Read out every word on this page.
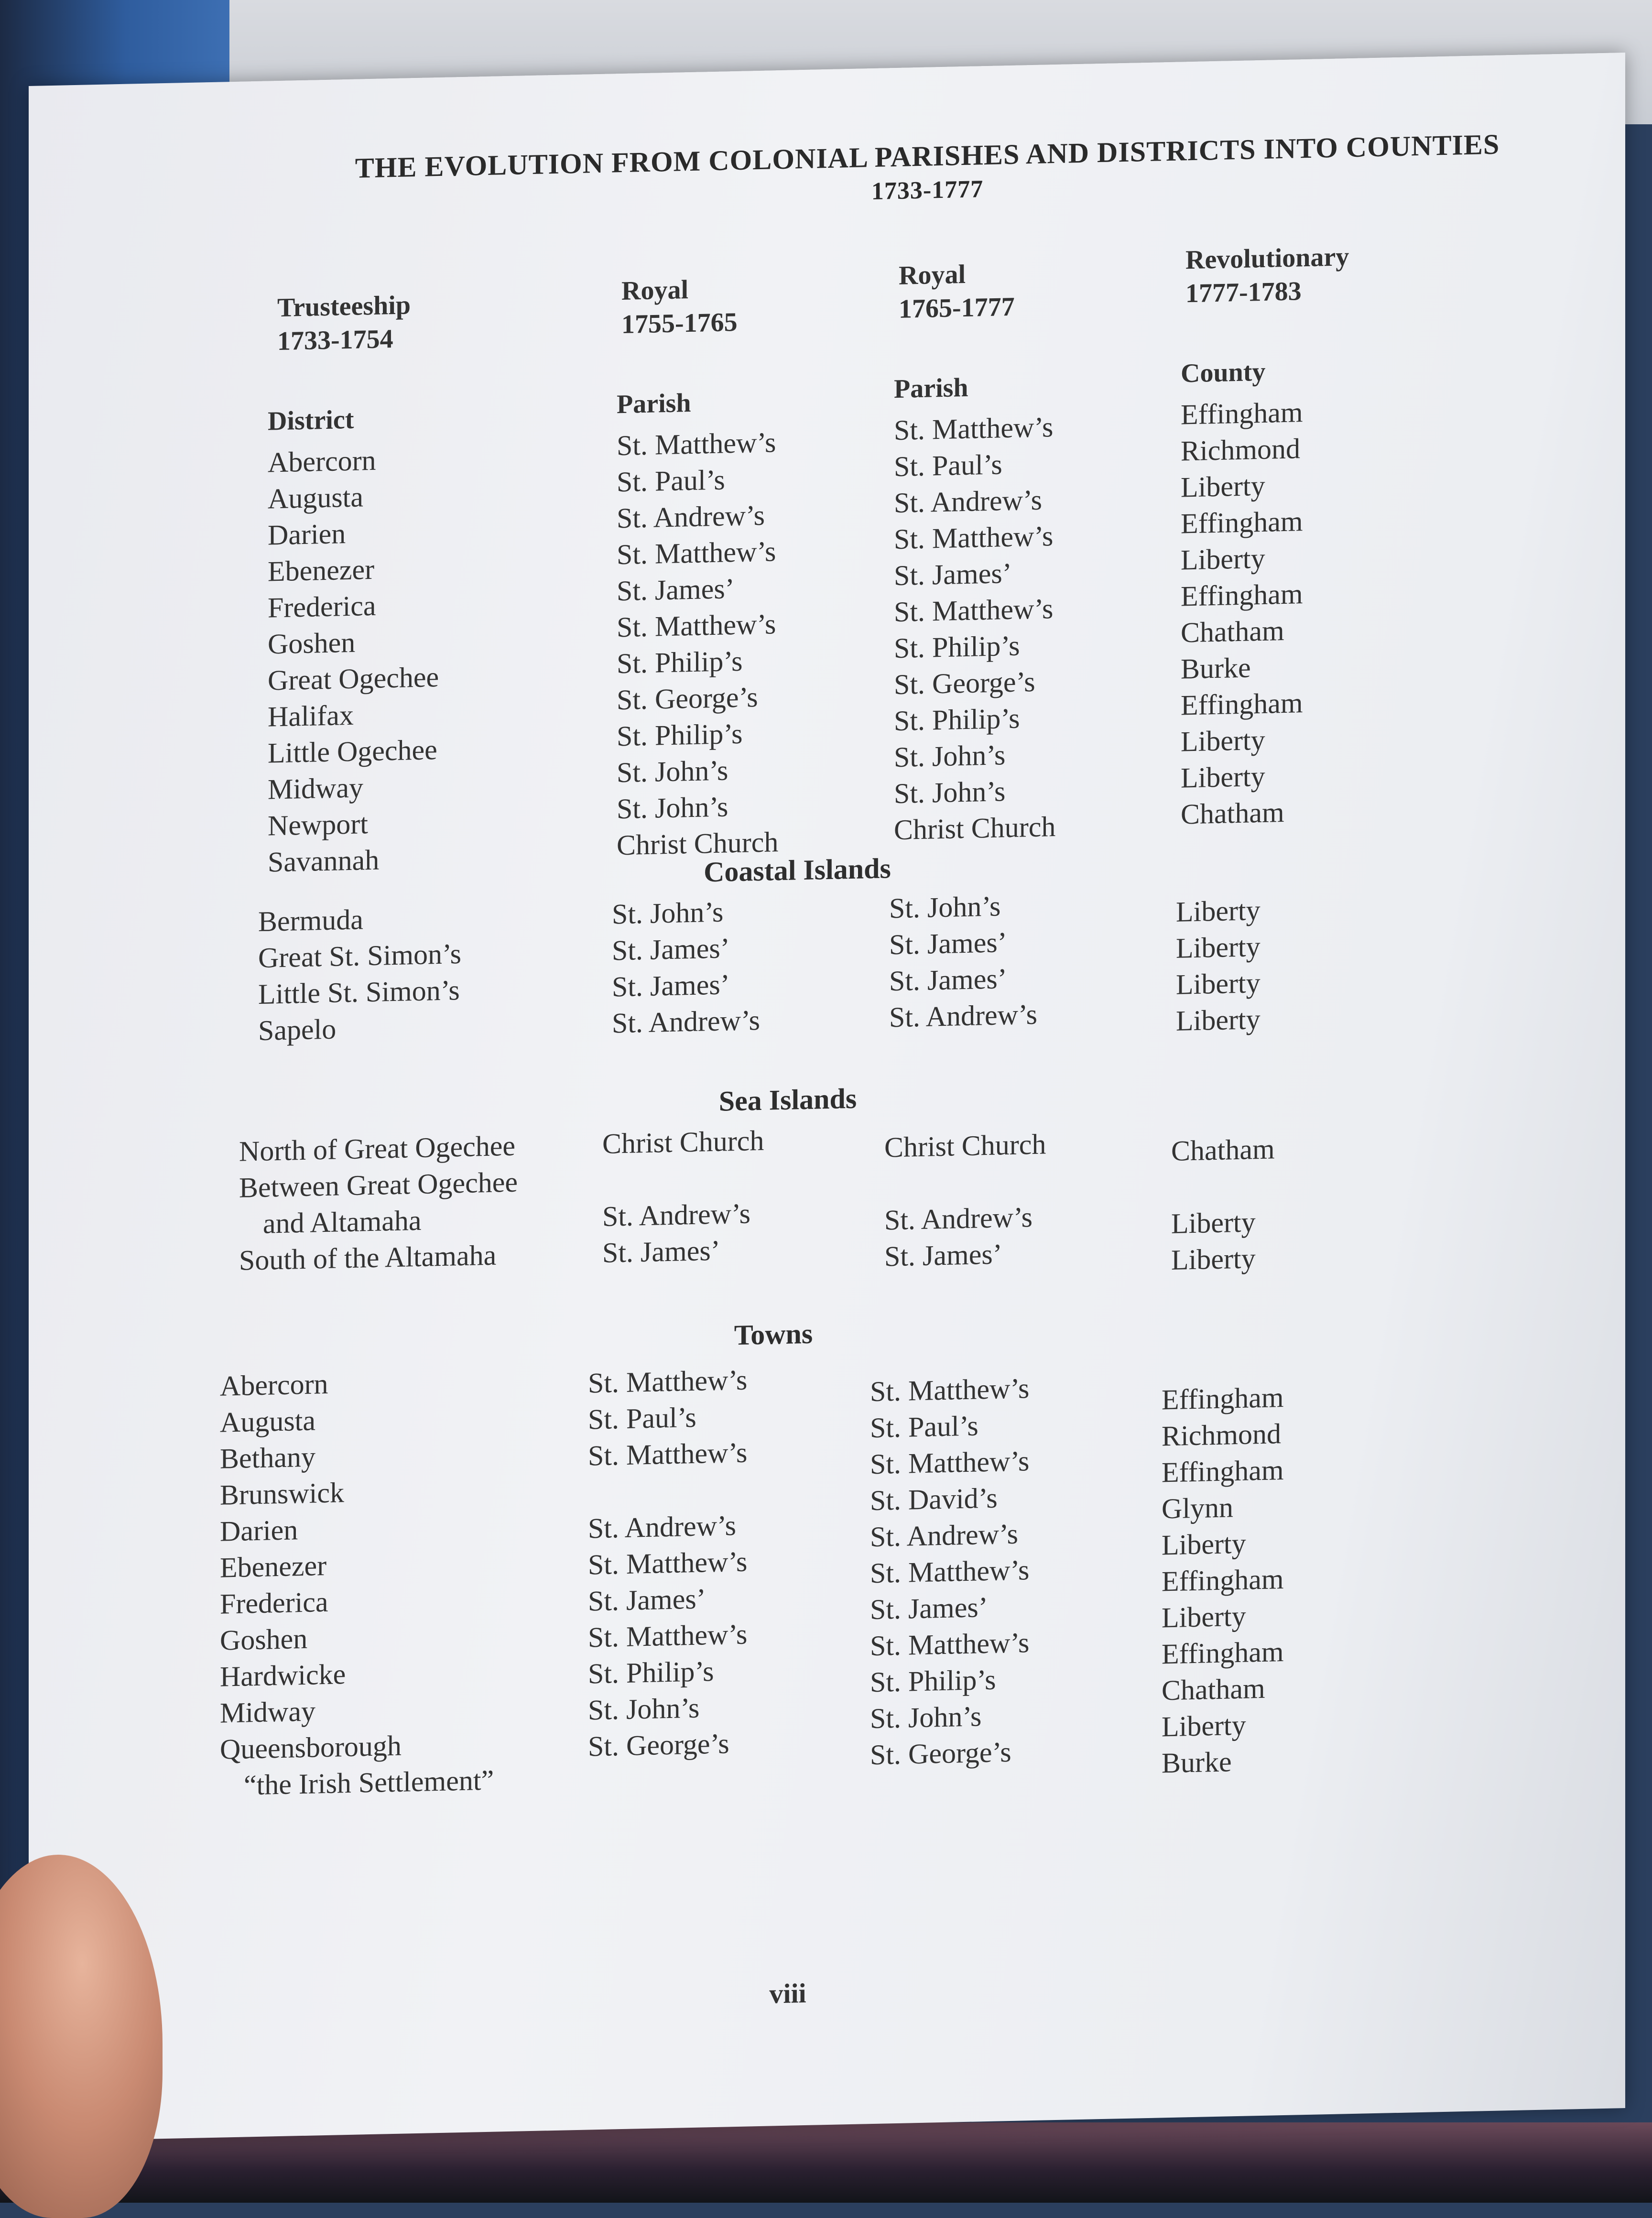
THE EVOLUTION FROM COLONIAL PARISHES AND DISTRICTS INTO COUNTIES
1733-1777
Trusteeship
1733-1754
Royal
1755-1765
Royal
1765-1777
Revolutionary
1777-1783
District
Parish	Parish	County
Abercorn
Augusta
Darien
Ebenezer
Frederica
Goshen
Great Ogechee
Halifax
Little Ogechee
Midway
Newport
Savannah
St. Matthew’s
St. Paul’s
St. Andrew’s
St. Matthew’s
St. James’
St. Matthew’s
St. Philip’s
St. George’s
St. Philip’s
St. John’s
St. John’s
Christ Church
St. Matthew’s
St. Paul’s
St. Andrew’s
St. Matthew’s
St. James’
St. Matthew’s
St. Philip’s
St. George’s
St. Philip’s
St. John’s
St. John’s
Christ Church
Effingham
Richmond
Liberty
Effingham
Liberty
Effingham
Chatham
Burke
Effingham
Liberty
Liberty
Chatham
Coastal Islands
Bermuda
Great St. Simon’s
Little St. Simon’s
Sapelo
St. John’s
St. James’
St. James’
St. Andrew’s
St. John’s
St. James’
St. James’
St. Andrew’s
Liberty
Liberty
Liberty
Liberty
Sea Islands
North of Great Ogechee
Between Great Ogechee
and Altamaha
South of the Altamaha
Christ Church
St. Andrew’s
St. James’
Christ Church
St. Andrew’s
St. James’
Chatham
Liberty
Liberty
Towns
Abercorn
Augusta
Bethany
Brunswick
Darien
Ebenezer
Frederica
Goshen
Hardwicke
Midway
Queensborough
“the Irish Settlement”
St. Matthew’s
St. Paul’s
St. Matthew’s
St. Andrew’s
St. Matthew’s
St. James’
St. Matthew’s
St. Philip’s
St. John’s
St. George’s
St. Matthew’s
St. Paul’s
St. Matthew’s
St. David’s
St. Andrew’s
St. Matthew’s
St. James’
St. Matthew’s
St. Philip’s
St. John’s
St. George’s
Effingham
Richmond
Effingham
Glynn
Liberty
Effingham
Liberty
Effingham
Chatham
Liberty
Burke
viii
